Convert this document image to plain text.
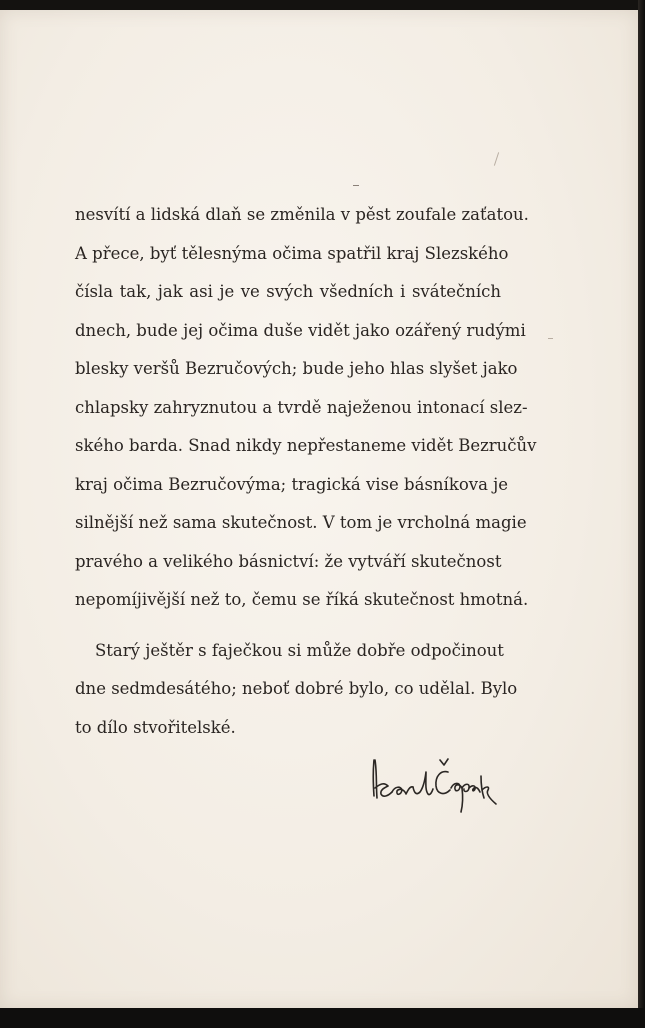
nesvítí a lidská dlaň se změnila v pěst zoufale zaťatou.
A přece, byť tělesnýma očima spatřil kraj Slezského
čísla tak, jak asi je ve svých všedních i svátečních
dnech, bude jej očima duše vidět jako ozářený rudými
blesky veršů Bezručových; bude jeho hlas slyšet jako
chlapsky zahryznutou a tvrdě naježenou intonací slez-
ského barda. Snad nikdy nepřestaneme vidět Bezručův
kraj očima Bezručovýma; tragická vise básníkova je
silnější než sama skutečnost. V tom je vrcholná magie
pravého a velikého básnictví: že vytváří skutečnost
nepomíjivější než to, čemu se říká skutečnost hmotná.
Starý ještěr s faječkou si může dobře odpočinout
dne sedmdesátého; neboť dobré bylo, co udělal. Bylo
to dílo stvořitelské.
